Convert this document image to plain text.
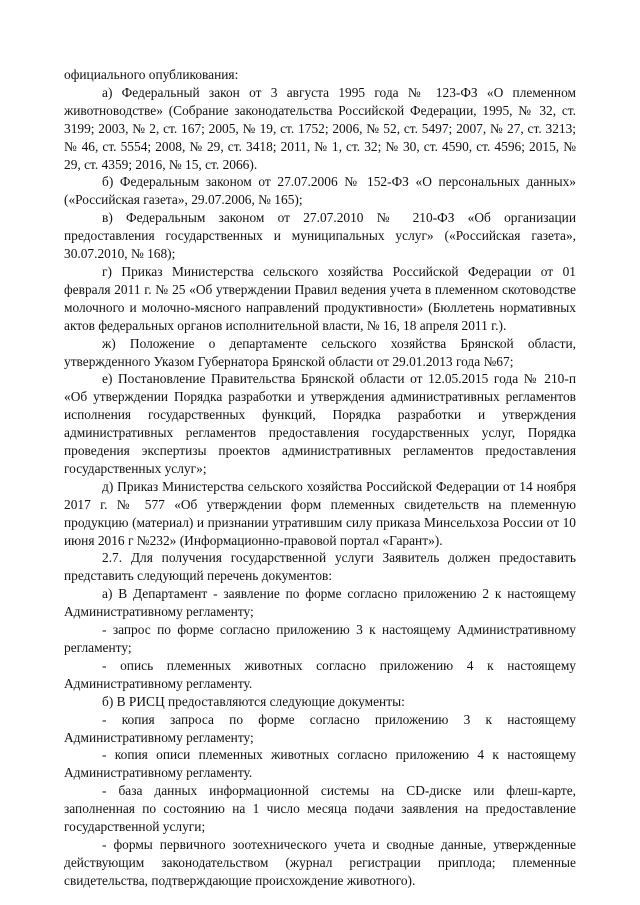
официального опубликования:

а) Федеральный закон от 3 августа 1995 года № 123-ФЗ «О племенном животноводстве» (Собрание законодательства Российской Федерации, 1995, № 32, ст. 3199; 2003, № 2, ст. 167; 2005, № 19, ст. 1752; 2006, № 52, ст. 5497; 2007, № 27, ст. 3213; № 46, ст. 5554; 2008, № 29, ст. 3418; 2011, № 1, ст. 32; № 30, ст. 4590, ст. 4596; 2015, № 29, ст. 4359; 2016, № 15, ст. 2066).

б) Федеральным законом от 27.07.2006 № 152-ФЗ «О персональных данных» («Российская газета», 29.07.2006, № 165);

в) Федеральным законом от 27.07.2010 № 210-ФЗ «Об организации предоставления государственных и муниципальных услуг» («Российская газета», 30.07.2010, № 168);

г) Приказ Министерства сельского хозяйства Российской Федерации от 01 февраля 2011 г. № 25 «Об утверждении Правил ведения учета в племенном скотоводстве молочного и молочно-мясного направлений продуктивности» (Бюллетень нормативных актов федеральных органов исполнительной власти, № 16, 18 апреля 2011 г.).

ж) Положение о департаменте сельского хозяйства Брянской области, утвержденного Указом Губернатора Брянской области от 29.01.2013 года №67;

е) Постановление Правительства Брянской области от 12.05.2015 года № 210-п «Об утверждении Порядка разработки и утверждения административных регламентов исполнения государственных функций, Порядка разработки и утверждения административных регламентов предоставления государственных услуг, Порядка проведения экспертизы проектов административных регламентов предоставления государственных услуг»;

д) Приказ Министерства сельского хозяйства Российской Федерации от 14 ноября 2017 г. № 577 «Об утверждении форм племенных свидетельств на племенную продукцию (материал) и признании утратившим силу приказа Минсельхоза России от 10 июня 2016 г №232» (Информационно-правовой портал «Гарант»).

2.7. Для получения государственной услуги Заявитель должен предоставить представить следующий перечень документов:

а) В Департамент - заявление по форме согласно приложению 2 к настоящему Административному регламенту;

- запрос по форме согласно приложению 3 к настоящему Административному регламенту;

- опись племенных животных согласно приложению 4 к настоящему Административному регламенту.

б) В РИСЦ предоставляются следующие документы:

- копия запроса по форме согласно приложению 3 к настоящему Административному регламенту;

- копия описи племенных животных согласно приложению 4 к настоящему Административному регламенту.

- база данных информационной системы на CD-диске или флеш-карте, заполненная по состоянию на 1 число месяца подачи заявления на предоставление государственной услуги;

- формы первичного зоотехнического учета и сводные данные, утвержденные действующим законодательством (журнал регистрации приплода; племенные свидетельства, подтверждающие происхождение животного).
